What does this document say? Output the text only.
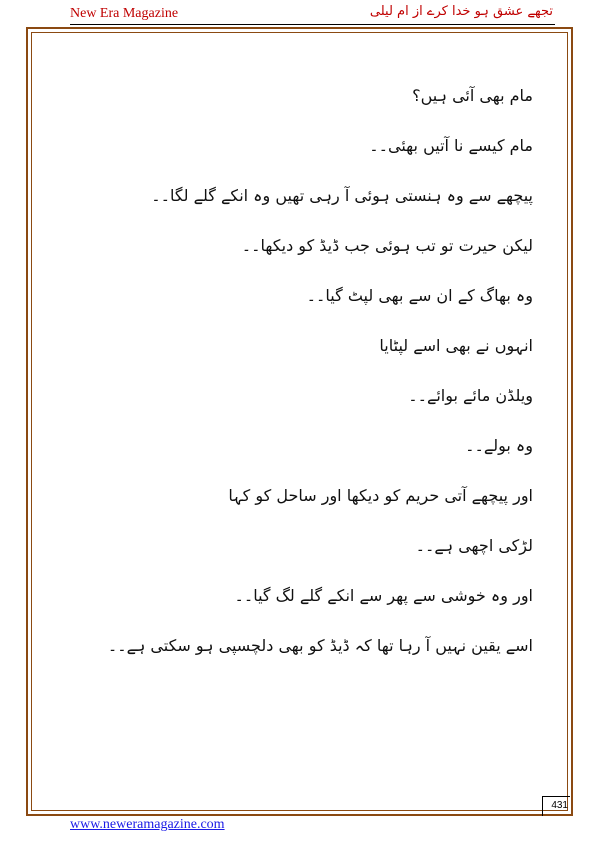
New Era Magazine	تجھے عشق ہو خدا کرے از ام لیلی
مام بھی آئی ہیں؟
مام کیسے نا آتیں بھئی۔۔
پیچھے سے وہ ہنستی ہوئی آ رہی تھیں وہ انکے گلے لگا۔۔
لیکن حیرت تو تب ہوئی جب ڈیڈ کو دیکھا۔۔
وہ بھاگ کے ان سے بھی لپٹ گیا۔۔
انہوں نے بھی اسے لپٹایا
ویلڈن مائے بوائے۔۔
وہ بولے۔۔
اور پیچھے آتی حریم کو دیکھا اور ساحل کو کہا
لڑکی اچھی ہے۔۔
اور وہ خوشی سے پھر سے انکے گلے لگ گیا۔۔
اسے یقین نہیں آ رہا تھا کہ ڈیڈ کو بھی دلچسپی ہو سکتی ہے۔۔
431
www.neweramagazine.com
